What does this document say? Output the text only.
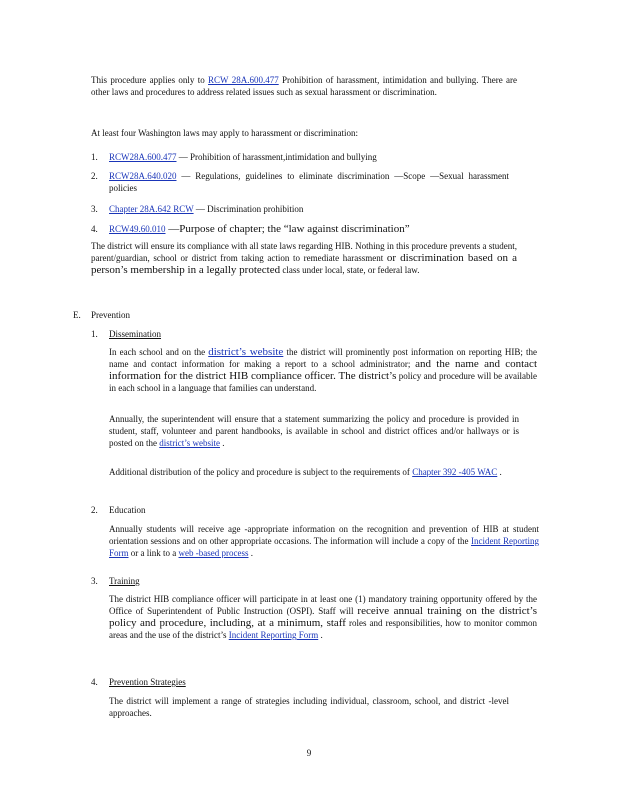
This procedure applies only to RCW 28A.600.477 Prohibition of harassment, intimidation and bullying. There are other laws and procedures to address related issues such as sexual harassment or discrimination.

At least four Washington laws may apply to harassment or discrimination:

1. RCW28A.600.477 — Prohibition of harassment,intimidation and bullying

2. RCW28A.640.020 — Regulations, guidelines to eliminate discrimination —Scope —Sexual harassment policies

3. Chapter 28A.642 RCW — Discrimination prohibition

4. RCW49.60.010 —Purpose of chapter; the “law against discrimination”

The district will ensure its compliance with all state laws regarding HIB. Nothing in this procedure prevents a student, parent/guardian, school or district from taking action to remediate harassment or discrimination based on a person’s membership in a legally protected class under local, state, or federal law.

E. Prevention
1. Dissemination

In each school and on the district’s website the district will prominently post information on reporting HIB; the name and contact information for making a report to a school administrator; and the name and contact information for the district HIB compliance officer. The district’s policy and procedure will be available in each school in a language that families can understand.

Annually, the superintendent will ensure that a statement summarizing the policy and procedure is provided in student, staff, volunteer and parent handbooks, is available in school and district offices and/or hallways or is posted on the district’s website .

Additional distribution of the policy and procedure is subject to the requirements of Chapter 392 -405 WAC .

2. Education

Annually students will receive age -appropriate information on the recognition and prevention of HIB at student orientation sessions and on other appropriate occasions. The information will include a copy of the Incident Reporting Form or a link to a web -based process .

3. Training

The district HIB compliance officer will participate in at least one (1) mandatory training opportunity offered by the Office of Superintendent of Public Instruction (OSPI). Staff will receive annual training on the district’s policy and procedure, including, at a minimum, staff roles and responsibilities, how to monitor common areas and the use of the district’s Incident Reporting Form .

4. Prevention Strategies

The district will implement a range of strategies including individual, classroom, school, and district -level approaches.

9
